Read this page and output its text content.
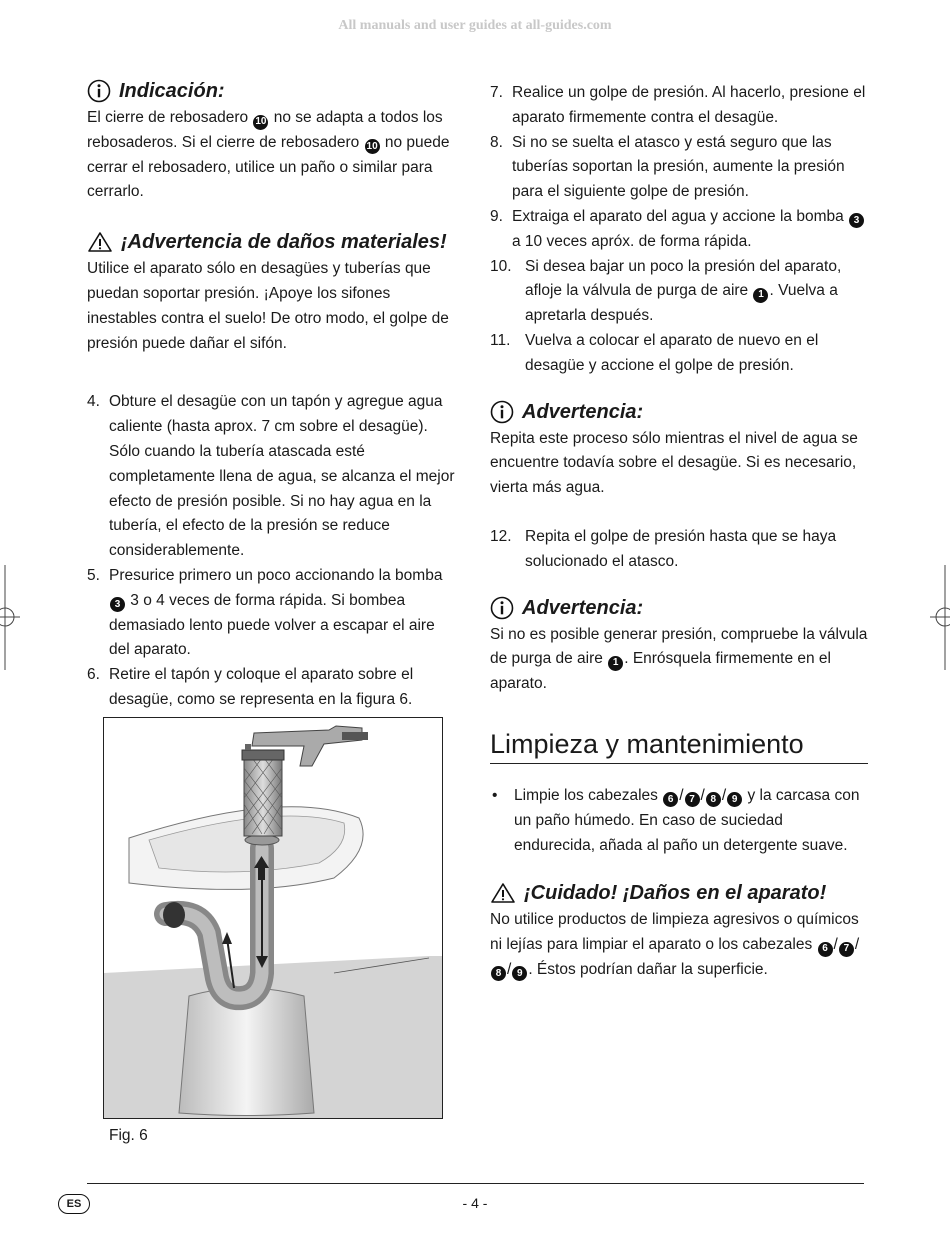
All manuals and user guides at all-guides.com
Indicación:

El cierre de rebosadero 10 no se adapta a todos los rebosaderos. Si el cierre de rebosadero 10 no puede cerrar el rebosadero, utilice un paño o similar para cerrarlo.

¡Advertencia de daños materiales!

Utilice el aparato sólo en desagües y tuberías que puedan soportar presión. ¡Apoye los sifones inestables contra el suelo! De otro modo, el golpe de presión puede dañar el sifón.

4. Obture el desagüe con un tapón y agregue agua caliente (hasta aprox. 7 cm sobre el desagüe). Sólo cuando la tubería atascada esté completamente llena de agua, se alcanza el mejor efecto de presión posible. Si no hay agua en la tubería, el efecto de la presión se reduce considerablemente.
5. Presurice primero un poco accionando la bomba 3 3 o 4 veces de forma rápida. Si bombea demasiado lento puede volver a escapar el aire del aparato.
6. Retire el tapón y coloque el aparato sobre el desagüe, como se representa en la figura 6.
Fig. 6
7. Realice un golpe de presión. Al hacerlo, presione el aparato firmemente contra el desagüe.
8. Si no se suelta el atasco y está seguro que las tuberías soportan la presión, aumente la presión para el siguiente golpe de presión.
9. Extraiga el aparato del agua y accione la bomba 3 a 10 veces apróx. de forma rápida.
10. Si desea bajar un poco la presión del aparato, afloje la válvula de purga de aire 1 . Vuelva a apretarla después.
11. Vuelva a colocar el aparato de nuevo en el desagüe y accione el golpe de presión.
Advertencia:

Repita este proceso sólo mientras el nivel de agua se encuentre todavía sobre el desagüe. Si es necesario, vierta más agua.

12. Repita el golpe de presión hasta que se haya solucionado el atasco.
Advertencia:

Si no es posible generar presión, compruebe la válvula de purga de aire 1 . Enrósquela firmemente en el aparato.

Limpieza y mantenimiento
•	Limpie los cabezales 6 / 7 / 8 / 9 y la carcasa con un paño húmedo. En caso de suciedad endurecida, añada al paño un detergente suave.
¡Cuidado! ¡Daños en el aparato!

No utilice productos de limpieza agresivos o químicos ni lejías para limpiar el aparato o los cabezales 6 / 7 /8 / 9 . Éstos podrían dañar la superficie.

ES	- 4 -
